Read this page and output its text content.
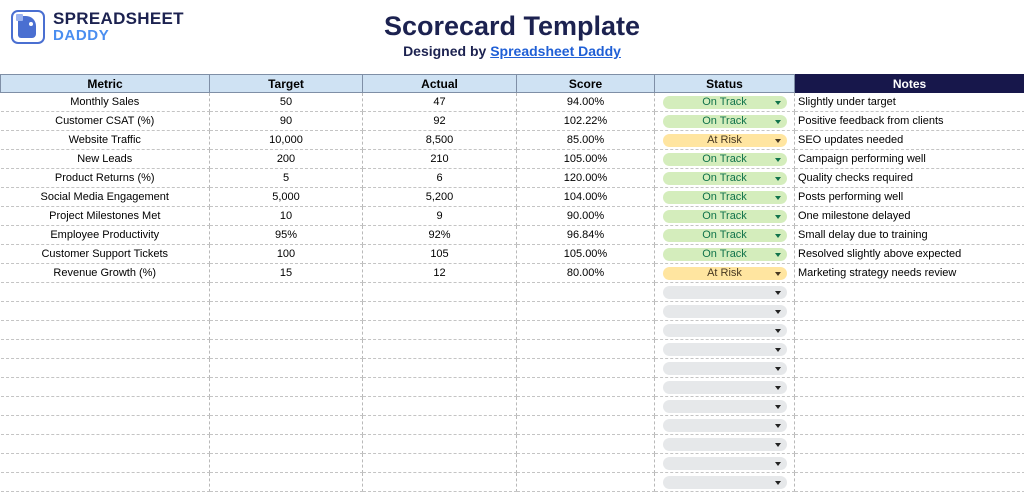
SPREADSHEET
DADDY	Scorecard Template
Designed by Spreadsheet Daddy
Metric	Target	Actual	Score	Status	Notes
Monthly Sales	50	47	94.00%	On Track	Slightly under target
Customer CSAT (%)	90	92	102.22%	On Track	Positive feedback from clients
Website Traffic	10,000	8,500	85.00%	At Risk	SEO updates needed
New Leads	200	210	105.00%	On Track	Campaign performing well
Product Returns (%)	5	6	120.00%	On Track	Quality checks required
Social Media Engagement	5,000	5,200	104.00%	On Track	Posts performing well
Project Milestones Met	10	9	90.00%	On Track	One milestone delayed
Employee Productivity	95%	92%	96.84%	On Track	Small delay due to training
Customer Support Tickets	100	105	105.00%	On Track	Resolved slightly above expected
Revenue Growth (%)	15	12	80.00%	At Risk	Marketing strategy needs review
